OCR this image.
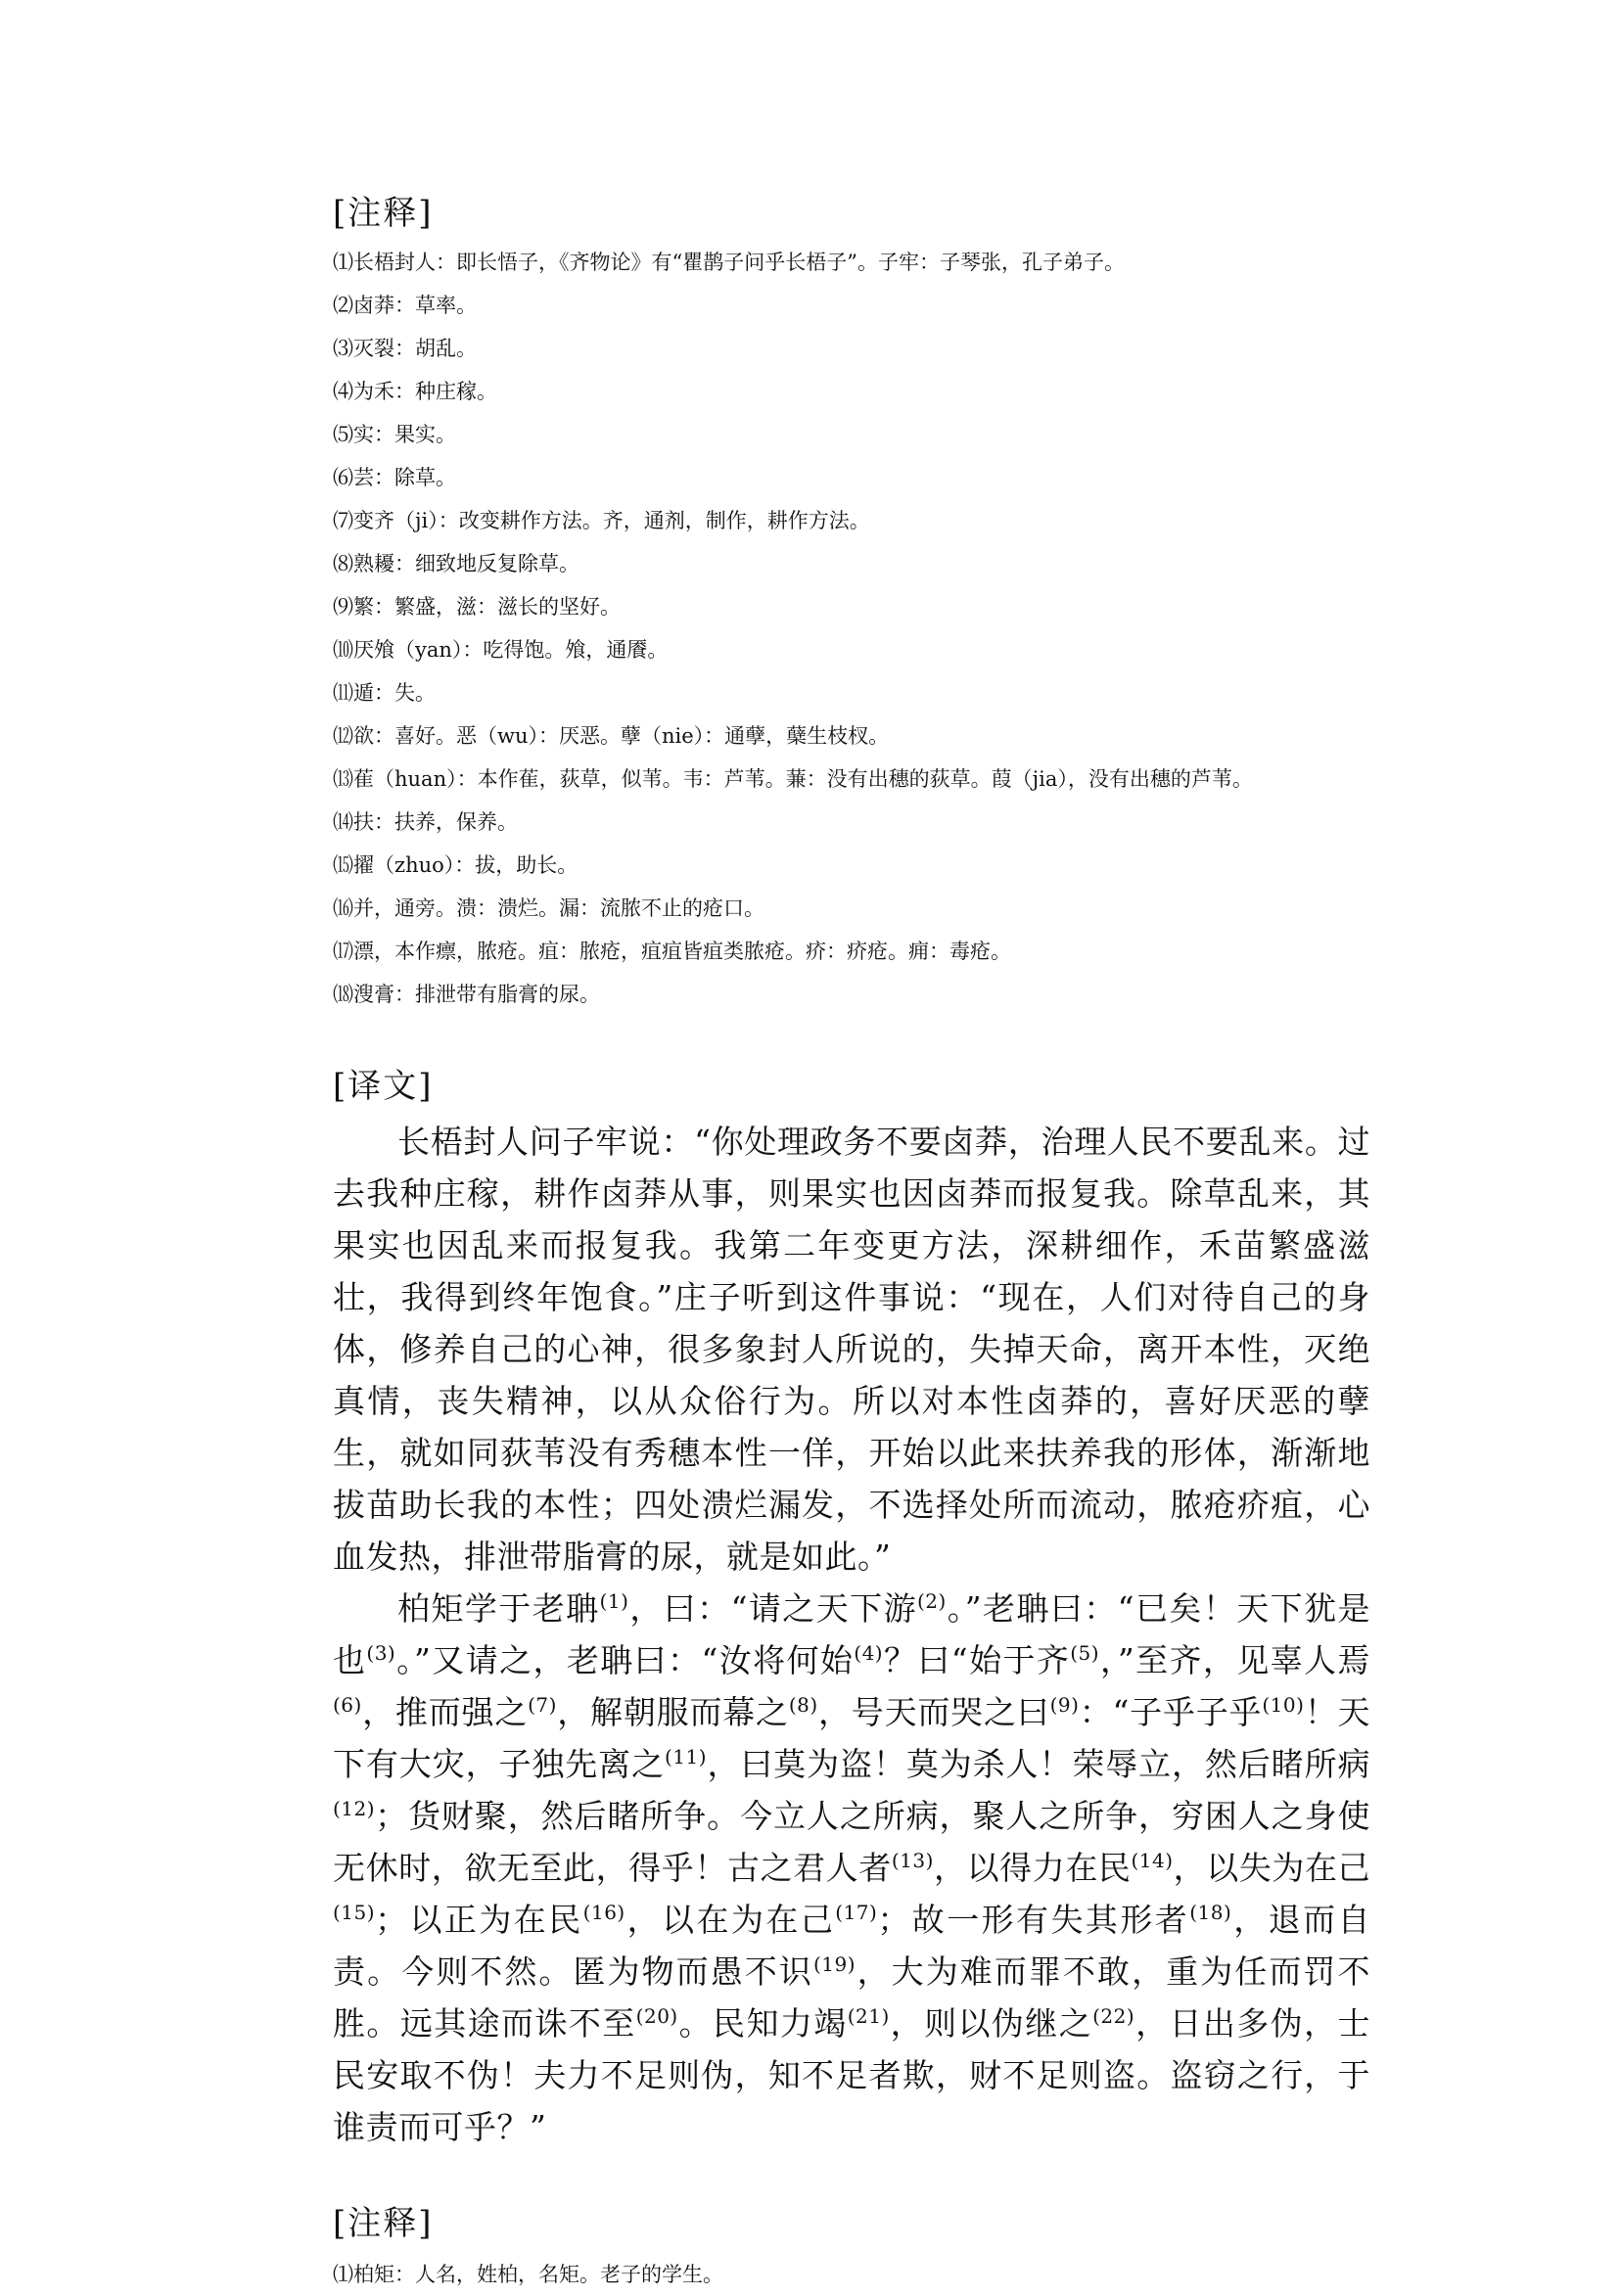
[注释]

⑴长梧封人：即长悟子，《齐物论》有“瞿鹊子问乎长梧子”。子牢：子琴张，孔子弟子。

⑵卤莽：草率。

⑶灭裂：胡乱。

⑷为禾：种庄稼。

⑸实：果实。

⑹芸：除草。

⑺变齐（ji）：改变耕作方法。齐，通剂，制作，耕作方法。

⑻熟耰：细致地反复除草。

⑼繁：繁盛，滋：滋长的坚好。

⑽厌飧（yan）：吃得饱。飧，通餍。

⑾遁：失。

⑿欲：喜好。恶（wu）：厌恶。孽（nie）：通孽，蘖生枝杈。

⒀萑（huan）：本作萑，荻草，似苇。韦：芦苇。蒹：没有出穗的荻草。葭（jia），没有出穗的芦苇。

⒁扶：扶养，保养。

⒂擢（zhuo）：拔，助长。

⒃并，通旁。溃：溃烂。漏：流脓不止的疮口。

⒄漂，本作瘭，脓疮。疽：脓疮，疽疽皆疽类脓疮。疥：疥疮。痈：毒疮。

⒅溲膏：排泄带有脂膏的尿。

[译文]

长梧封人问子牢说：“你处理政务不要卤莽，治理人民不要乱来。过去我种庄稼，耕作卤莽从事，则果实也因卤莽而报复我。除草乱来，其果实也因乱来而报复我。我第二年变更方法，深耕细作，禾苗繁盛滋壮，我得到终年饱食。”庄子听到这件事说：“现在，人们对待自己的身体，修养自己的心神，很多象封人所说的，失掉天命，离开本性，灭绝真情，丧失精神，以从众俗行为。所以对本性卤莽的，喜好厌恶的孽生，就如同荻苇没有秀穗本性一佯，开始以此来扶养我的形体，渐渐地拔苗助长我的本性；四处溃烂漏发，不选择处所而流动，脓疮疥疽，心血发热，排泄带脂膏的尿，就是如此。”

柏矩学于老聃$^{(1)}$，曰：“请之天下游$^{(2)}$。”老聃曰：“已矣！天下犹是也$^{(3)}$。”又请之，老聃曰：“汝将何始$^{(4)}$？曰“始于齐$^{(5)}$，”至齐，见辜人焉$^{(6)}$，推而强之$^{(7)}$，解朝服而幕之$^{(8)}$，号天而哭之曰$^{(9)}$：“子乎子乎$^{(10)}$！天下有大灾，子独先离之$^{(11)}$，曰莫为盗！莫为杀人！荣辱立，然后睹所病$^{(12)}$；货财聚，然后睹所争。今立人之所病，聚人之所争，穷困人之身使无休时，欲无至此，得乎！古之君人者$^{(13)}$，以得力在民$^{(14)}$，以失为在己$^{(15)}$；以正为在民$^{(16)}$，以在为在己$^{(17)}$；故一形有失其形者$^{(18)}$，退而自责。今则不然。匿为物而愚不识$^{(19)}$，大为难而罪不敢，重为任而罚不胜。远其途而诛不至$^{(20)}$。民知力竭$^{(21)}$，则以伪继之$^{(22)}$，日出多伪，士民安取不伪！夫力不足则伪，知不足者欺，财不足则盗。盗窃之行，于谁责而可乎？”

[注释]

⑴柏矩：人名，姓柏，名矩。老子的学生。
